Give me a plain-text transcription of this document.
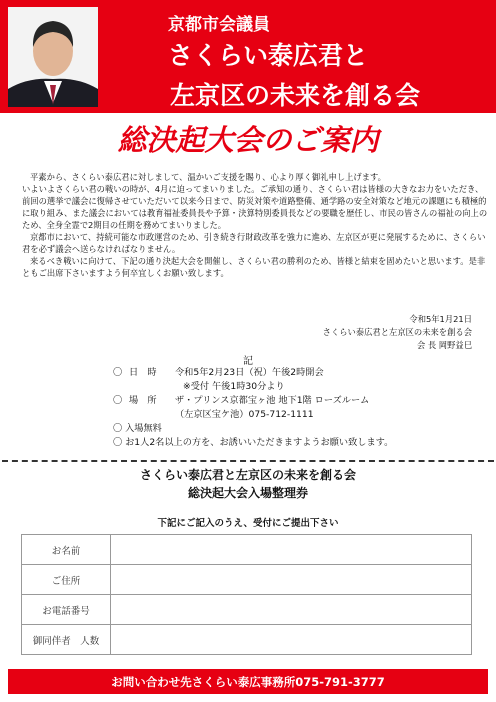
京都市会議員
さくらい泰広君と
左京区の未来を創る会
総決起大会のご案内

平素から、さくらい泰広君に対しまして、温かいご支援を賜り、心より厚く御礼申し上げます。

いよいよさくらい君の戦いの時が、4月に迫ってまいりました。ご承知の通り、さくらい君は皆様の大きなお力をいただき、前回の選挙で議会に復帰させていただいて以来今日まで、防災対策や道路整備、通学路の安全対策など地元の課題にも積極的に取り組み、また議会においては教育福祉委員長や予算・決算特別委員長などの要職を歴任し、市民の皆さんの福祉の向上のため、全身全霊で2期目の任期を務めてまいりました。

京都市において、持続可能な市政運営のため、引き続き行財政改革を強力に進め、左京区が更に発展するために、さくらい君を必ず議会へ送らなければなりません。

来るべき戦いに向けて、下記の通り決起大会を開催し、さくらい君の勝利のため、皆様と結束を固めたいと思います。是非ともご出席下さいますよう何卒宜しくお願い致します。

令和5年1月21日
さくらい泰広君と左京区の未来を創る会
会 長 岡野益巳
記
〇 日　時	令和5年2月23日（祝）午後2時開会
※受付 午後1時30分より
〇 場　所	ザ・プリンス京都宝ヶ池 地下1階 ローズルーム
（左京区宝ケ池）075-712-1111
〇 入場無料
〇 お1人2名以上の方を、お誘いいただきますようお願い致します。
さくらい泰広君と左京区の未来を創る会
総決起大会入場整理券
下記にご記入のうえ、受付にご提出下さい
お名前	
ご住所	
お電話番号	
御同伴者　人数	
お問い合わせ先 さくらい泰広事務所 075-791-3777
